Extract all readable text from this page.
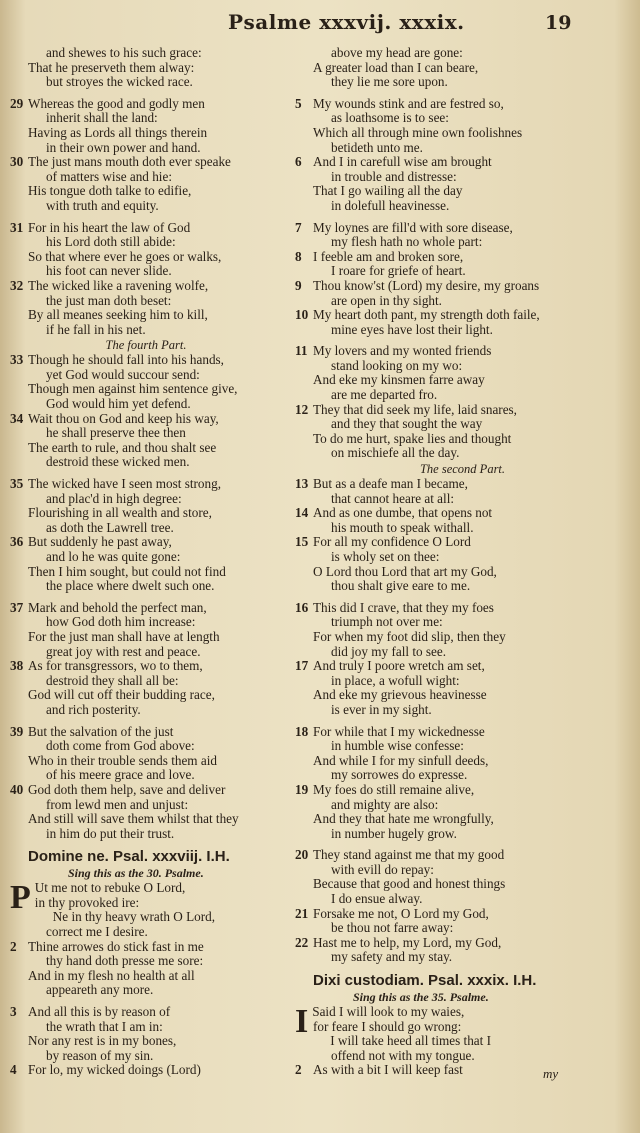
Psalme xxxvij. xxxix.	19
and shewes to his such grace:
That he preserveth them alway:
but stroyes the wicked race.
29 Whereas the good and godly men
inherit shall the land:
Having as Lords all things therein
in their own power and hand.
30 The just mans mouth doth ever speake
of matters wise and hie:
His tongue doth talke to edifie,
with truth and equity.
31 For in his heart the law of God
his Lord doth still abide:
So that where ever he goes or walks,
his foot can never slide.
32 The wicked like a ravening wolfe,
the just man doth beset:
By all meanes seeking him to kill,
if he fall in his net.
The fourth Part.
33 Though he should fall into his hands,
yet God would succour send:
Though men against him sentence give,
God would him yet defend.
34 Wait thou on God and keep his way,
he shall preserve thee then
The earth to rule, and thou shalt see
destroid these wicked men.
35 The wicked have I seen most strong,
and plac'd in high degree:
Flourishing in all wealth and store,
as doth the Lawrell tree.
36 But suddenly he past away,
and lo he was quite gone:
Then I him sought, but could not find
the place where dwelt such one.
37 Mark and behold the perfect man,
how God doth him increase:
For the just man shall have at length
great joy with rest and peace.
38 As for transgressors, wo to them,
destroid they shall all be:
God will cut off their budding race,
and rich posterity.
39 But the salvation of the just
doth come from God above:
Who in their trouble sends them aid
of his meere grace and love.
40 God doth them help, save and deliver
from lewd men and unjust:
And still will save them whilst that they
in him do put their trust.
Domine ne. Psal. xxxviij. I.H.
Sing this as the 30. Psalme.
P Ut me not to rebuke O Lord,
in thy provoked ire:
Ne in thy heavy wrath O Lord,
correct me I desire.
2 Thine arrowes do stick fast in me
thy hand doth presse me sore:
And in my flesh no health at all
appeareth any more.
3 And all this is by reason of
the wrath that I am in:
Nor any rest is in my bones,
by reason of my sin.
4 For lo, my wicked doings (Lord)
above my head are gone:
A greater load than I can beare,
they lie me sore upon.
5 My wounds stink and are festred so,
as loathsome is to see:
Which all through mine own foolishnes
betideth unto me.
6 And I in carefull wise am brought
in trouble and distresse:
That I go wailing all the day
in dolefull heavinesse.
7 My loynes are fill'd with sore disease,
my flesh hath no whole part:
8 I feeble am and broken sore,
I roare for griefe of heart.
9 Thou know'st (Lord) my desire, my groans
are open in thy sight.
10 My heart doth pant, my strength doth faile,
mine eyes have lost their light.
11 My lovers and my wonted friends
stand looking on my wo:
And eke my kinsmen farre away
are me departed fro.
12 They that did seek my life, laid snares,
and they that sought the way
To do me hurt, spake lies and thought
on mischiefe all the day.
The second Part.
13 But as a deafe man I became,
that cannot heare at all:
14 And as one dumbe, that opens not
his mouth to speak withall.
15 For all my confidence O Lord
is wholy set on thee:
O Lord thou Lord that art my God,
thou shalt give eare to me.
16 This did I crave, that they my foes
triumph not over me:
For when my foot did slip, then they
did joy my fall to see.
17 And truly I poore wretch am set,
in place, a wofull wight:
And eke my grievous heavinesse
is ever in my sight.
18 For while that I my wickednesse
in humble wise confesse:
And while I for my sinfull deeds,
my sorrowes do expresse.
19 My foes do still remaine alive,
and mighty are also:
And they that hate me wrongfully,
in number hugely grow.
20 They stand against me that my good
with evill do repay:
Because that good and honest things
I do ensue alway.
21 Forsake me not, O Lord my God,
be thou not farre away:
22 Hast me to help, my Lord, my God,
my safety and my stay.
Dixi custodiam. Psal. xxxix. I.H.
Sing this as the 35. Psalme.
I Said I will look to my waies,
for feare I should go wrong:
I will take heed all times that I
offend not with my tongue.
2 As with a bit I will keep fast	my
